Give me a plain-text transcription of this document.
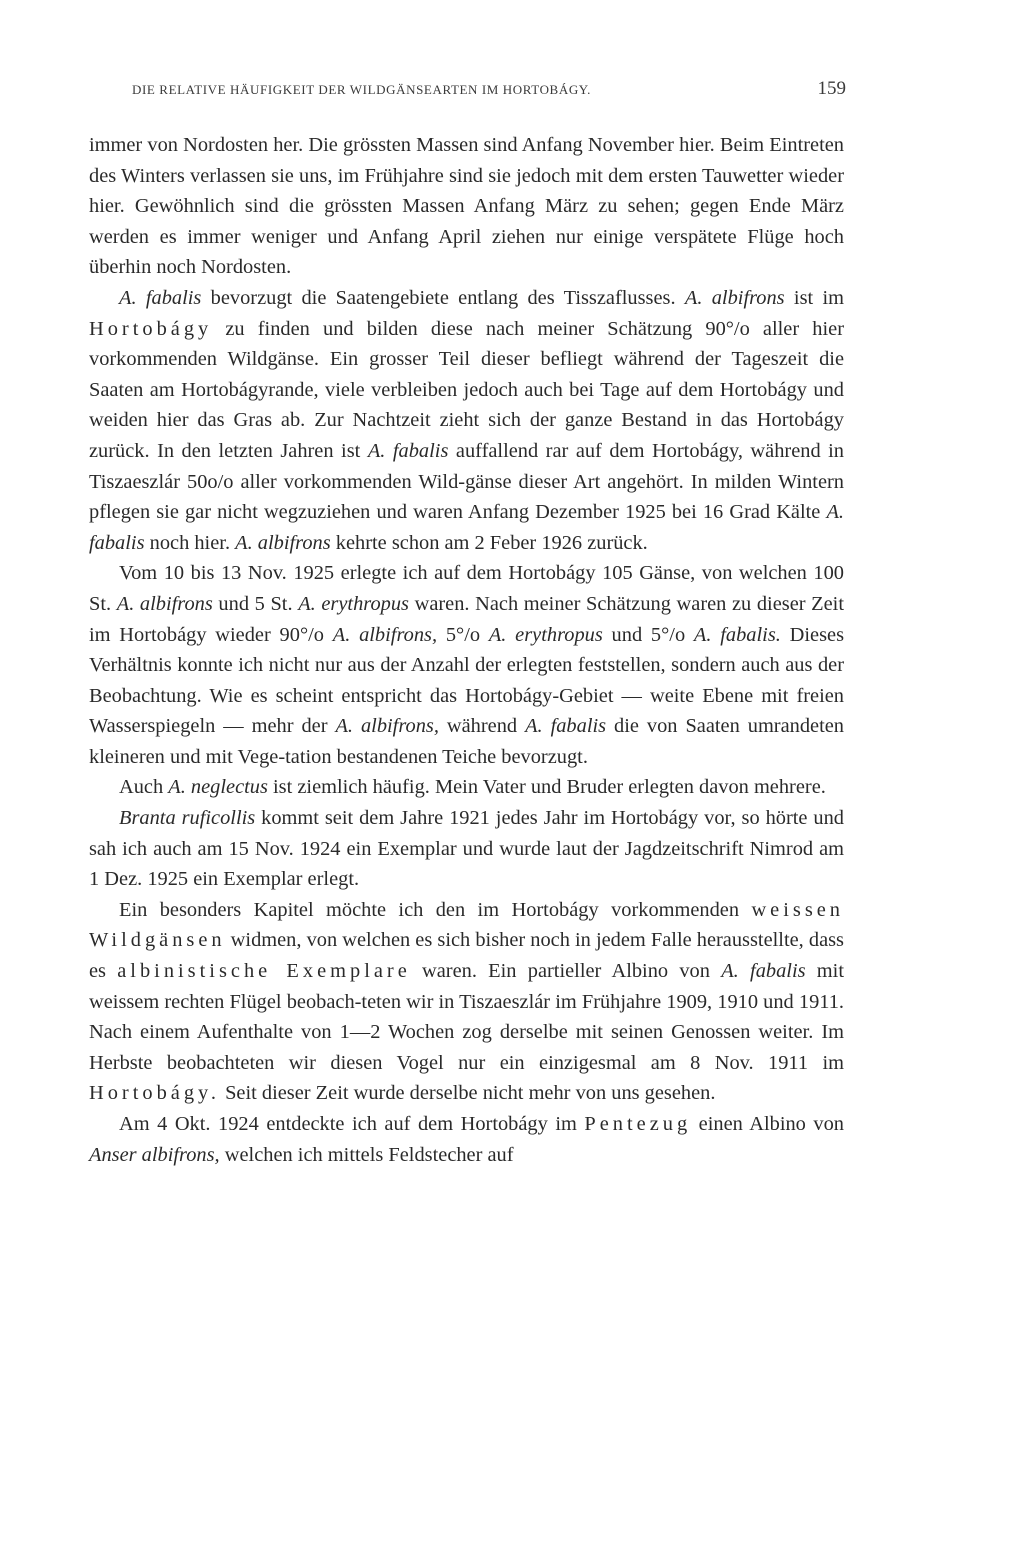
DIE RELATIVE HÄUFIGKEIT DER WILDGÄNSEARTEN IM HORTOBÁGY.	159

immer von Nordosten her. Die grössten Massen sind Anfang November hier. Beim Eintreten des Winters verlassen sie uns, im Frühjahre sind sie jedoch mit dem ersten Tauwetter wieder hier. Gewöhnlich sind die grössten Massen Anfang März zu sehen; gegen Ende März werden es immer weniger und Anfang April ziehen nur einige verspätete Flüge hoch überhin noch Nordosten.

A. fabalis bevorzugt die Saatengebiete entlang des Tisszaflusses. A. albifrons ist im Hortobágy zu finden und bilden diese nach meiner Schätzung 90°/o aller hier vorkommenden Wildgänse. Ein grosser Teil dieser befliegt während der Tageszeit die Saaten am Hortobágyrande, viele verbleiben jedoch auch bei Tage auf dem Hortobágy und weiden hier das Gras ab. Zur Nachtzeit zieht sich der ganze Bestand in das Hortobágy zurück. In den letzten Jahren ist A. fabalis auffallend rar auf dem Hortobágy, während in Tiszaeszlár 50o/o aller vorkommenden Wild-gänse dieser Art angehört. In milden Wintern pflegen sie gar nicht wegzuziehen und waren Anfang Dezember 1925 bei 16 Grad Kälte A. fabalis noch hier. A. albifrons kehrte schon am 2 Feber 1926 zurück.

Vom 10 bis 13 Nov. 1925 erlegte ich auf dem Hortobágy 105 Gänse, von welchen 100 St. A. albifrons und 5 St. A. erythropus waren. Nach meiner Schätzung waren zu dieser Zeit im Hortobágy wieder 90°/o A. albifrons, 5°/o A. erythropus und 5°/o A. fabalis. Dieses Verhältnis konnte ich nicht nur aus der Anzahl der erlegten feststellen, sondern auch aus der Beobachtung. Wie es scheint entspricht das Hortobágy-Gebiet — weite Ebene mit freien Wasserspiegeln — mehr der A. albifrons, während A. fabalis die von Saaten umrandeten kleineren und mit Vege-tation bestandenen Teiche bevorzugt.

Auch A. neglectus ist ziemlich häufig. Mein Vater und Bruder erlegten davon mehrere.

Branta ruficollis kommt seit dem Jahre 1921 jedes Jahr im Hortobágy vor, so hörte und sah ich auch am 15 Nov. 1924 ein Exemplar und wurde laut der Jagdzeitschrift Nimrod am 1 Dez. 1925 ein Exemplar erlegt.

Ein besonders Kapitel möchte ich den im Hortobágy vorkommenden weissen Wildgänsen widmen, von welchen es sich bisher noch in jedem Falle herausstellte, dass es albinistische Exemplare waren. Ein partieller Albino von A. fabalis mit weissem rechten Flügel beobach-teten wir in Tiszaeszlár im Frühjahre 1909, 1910 und 1911. Nach einem Aufenthalte von 1—2 Wochen zog derselbe mit seinen Genossen weiter. Im Herbste beobachteten wir diesen Vogel nur ein einzigesmal am 8 Nov. 1911 im Hortobágy. Seit dieser Zeit wurde derselbe nicht mehr von uns gesehen.

Am 4 Okt. 1924 entdeckte ich auf dem Hortobágy im Pentezug einen Albino von Anser albifrons, welchen ich mittels Feldstecher auf
